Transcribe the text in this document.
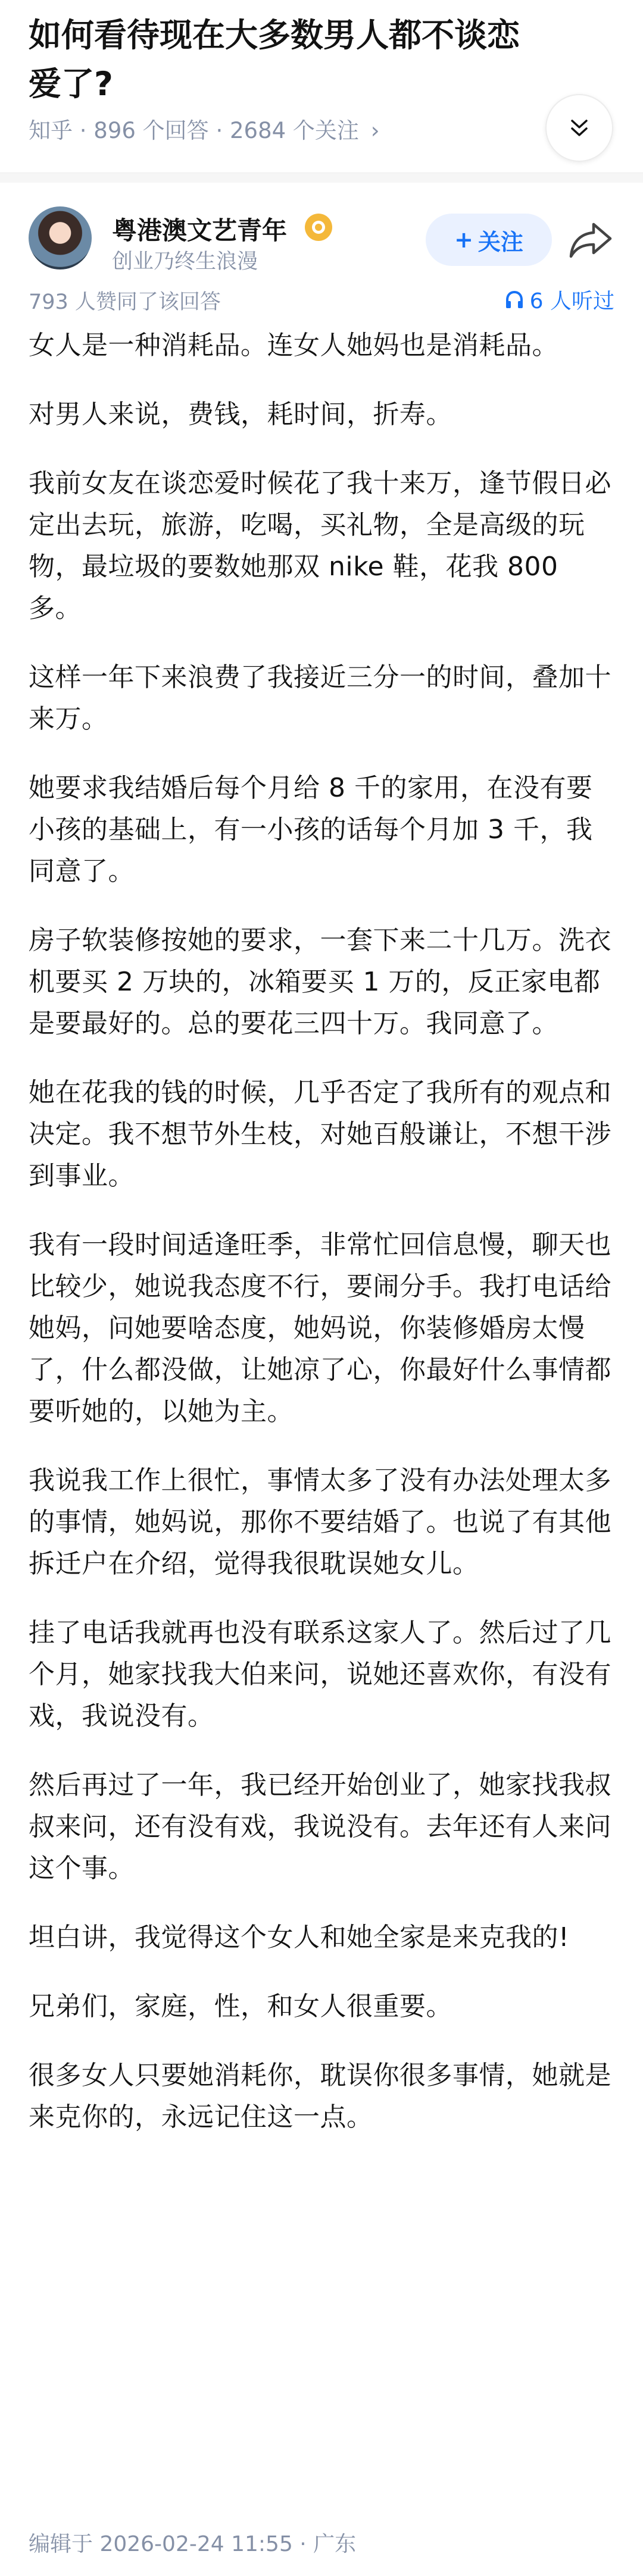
如何看待现在大多数男人都不谈恋爱了?
知乎 · 896 个回答 · 2684 个关注 ›
粤港澳文艺青年
创业乃终生浪漫
+ 关注
793 人赞同了该回答	6 人听过

女人是一种消耗品。连女人她妈也是消耗品。

对男人来说，费钱，耗时间，折寿。

我前女友在谈恋爱时候花了我十来万，逢节假日必定出去玩，旅游，吃喝，买礼物，全是高级的玩物，最垃圾的要数她那双 nike 鞋，花我 800 多。

这样一年下来浪费了我接近三分一的时间，叠加十来万。

她要求我结婚后每个月给 8 千的家用，在没有要小孩的基础上，有一小孩的话每个月加 3 千，我同意了。

房子软装修按她的要求，一套下来二十几万。洗衣机要买 2 万块的，冰箱要买 1 万的，反正家电都是要最好的。总的要花三四十万。我同意了。

她在花我的钱的时候，几乎否定了我所有的观点和决定。我不想节外生枝，对她百般谦让，不想干涉到事业。

我有一段时间适逢旺季，非常忙回信息慢，聊天也比较少，她说我态度不行，要闹分手。我打电话给她妈，问她要啥态度，她妈说，你装修婚房太慢了，什么都没做，让她凉了心，你最好什么事情都要听她的，以她为主。

我说我工作上很忙，事情太多了没有办法处理太多的事情，她妈说，那你不要结婚了。也说了有其他拆迁户在介绍，觉得我很耽误她女儿。

挂了电话我就再也没有联系这家人了。然后过了几个月，她家找我大伯来问，说她还喜欢你，有没有戏，我说没有。

然后再过了一年，我已经开始创业了，她家找我叔叔来问，还有没有戏，我说没有。去年还有人来问这个事。

坦白讲，我觉得这个女人和她全家是来克我的!

兄弟们，家庭，性，和女人很重要。

很多女人只要她消耗你，耽误你很多事情，她就是来克你的，永远记住这一点。

编辑于 2026-02-24 11:55 · 广东
